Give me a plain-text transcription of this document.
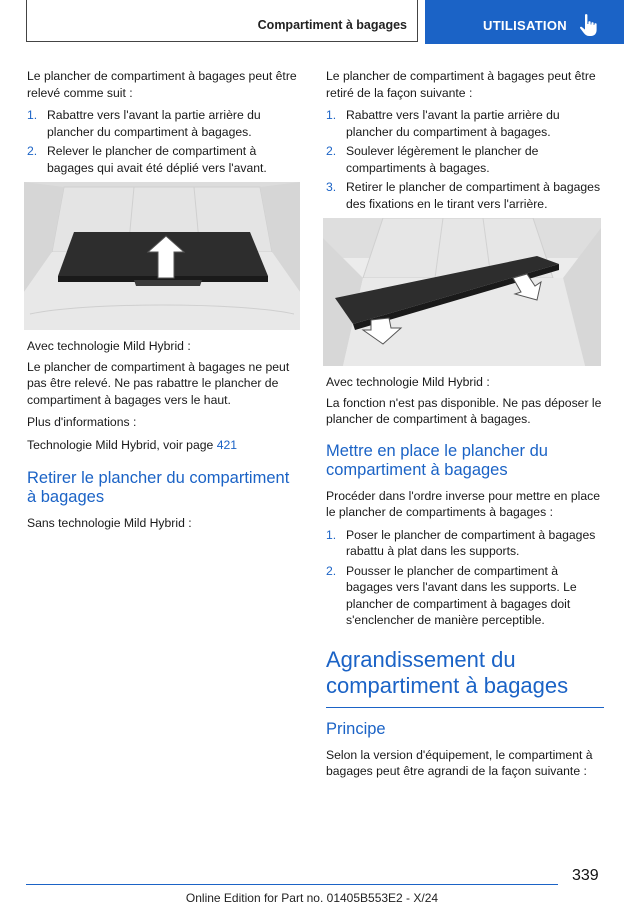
Compartiment à bagages	UTILISATION

Le plancher de compartiment à bagages peut être relevé comme suit :

1. Rabattre vers l'avant la partie arrière du plancher du compartiment à bagages.
2. Relever le plancher de compartiment à bagages qui avait été déplié vers l'avant.

Avec technologie Mild Hybrid :

Le plancher de compartiment à bagages ne peut pas être relevé. Ne pas rabattre le plancher de compartiment à bagages vers le haut.

Plus d'informations :

Technologie Mild Hybrid, voir page 421

Retirer le plancher du compartiment à bagages

Sans technologie Mild Hybrid :

Le plancher de compartiment à bagages peut être retiré de la façon suivante :

1. Rabattre vers l'avant la partie arrière du plancher du compartiment à bagages.
2. Soulever légèrement le plancher de compartiments à bagages.
3. Retirer le plancher de compartiment à bagages des fixations en le tirant vers l'arrière.

Avec technologie Mild Hybrid :

La fonction n'est pas disponible. Ne pas déposer le plancher de compartiment à bagages.

Mettre en place le plancher du compartiment à bagages

Procéder dans l'ordre inverse pour mettre en place le plancher de compartiments à bagages :

1. Poser le plancher de compartiment à bagages rabattu à plat dans les supports.
2. Pousser le plancher de compartiment à bagages vers l'avant dans les supports. Le plancher de compartiment à bagages doit s'enclencher de manière perceptible.
Agrandissement du compartiment à bagages
Principe

Selon la version d'équipement, le compartiment à bagages peut être agrandi de la façon suivante :

339
Online Edition for Part no. 01405B553E2 - X/24
